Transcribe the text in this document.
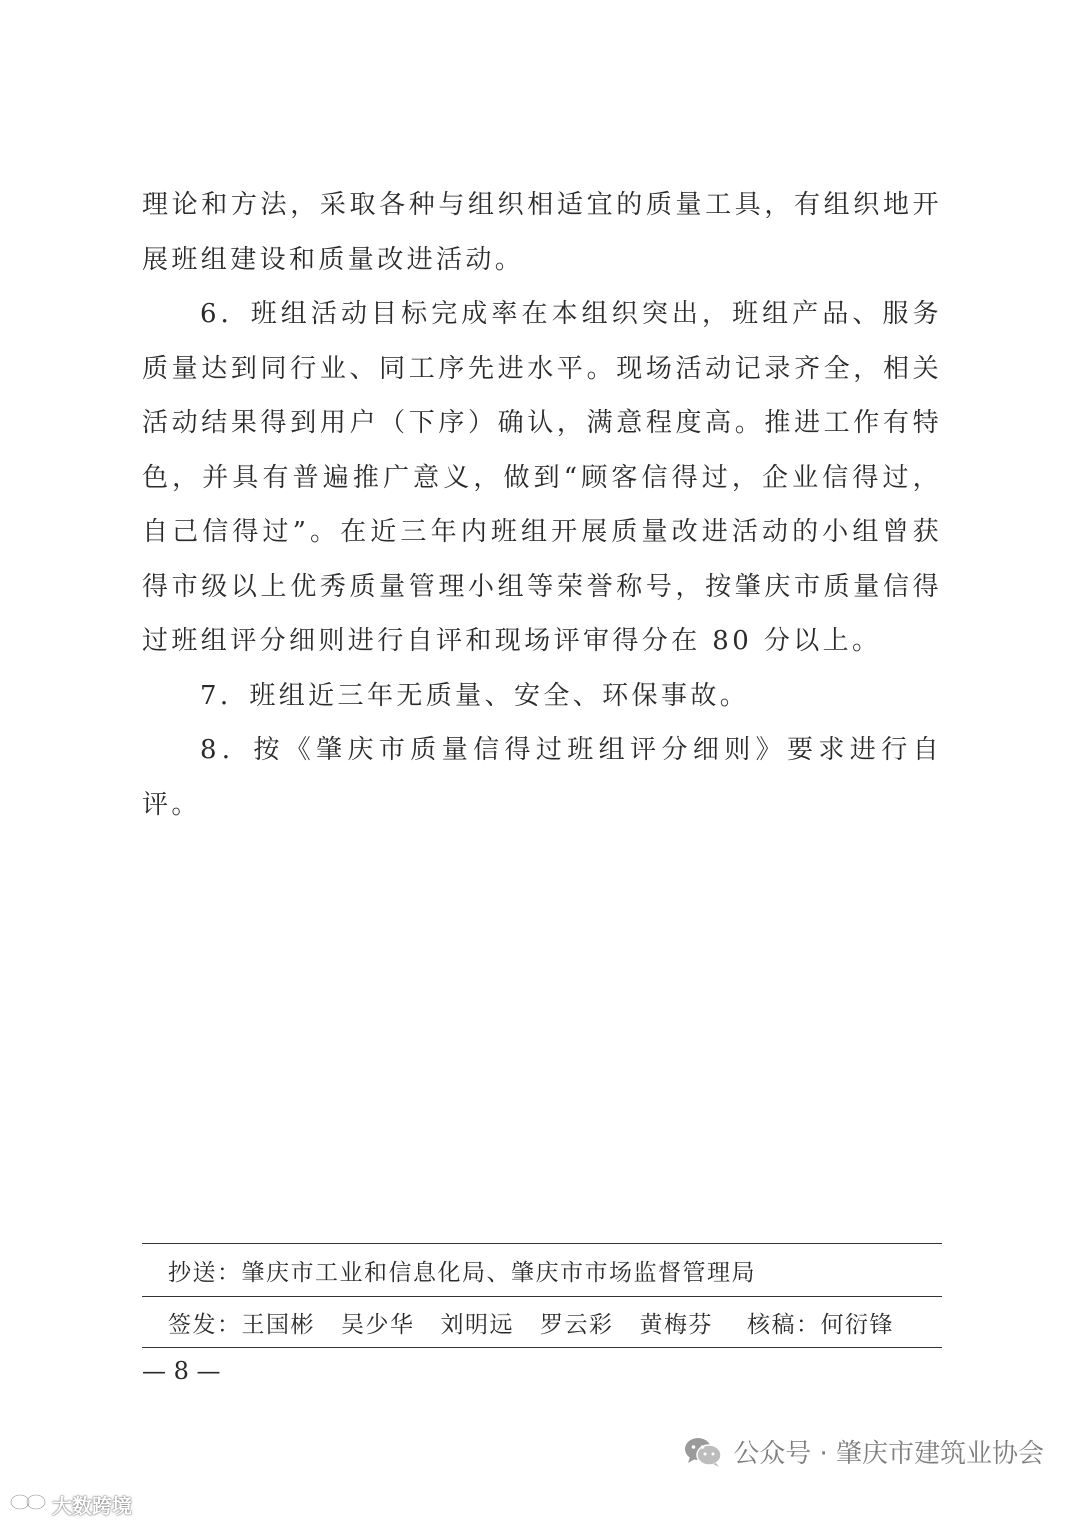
理论和方法，采取各种与组织相适宜的质量工具，有组织地开展班组建设和质量改进活动。

6．班组活动目标完成率在本组织突出，班组产品、服务质量达到同行业、同工序先进水平。现场活动记录齐全，相关活动结果得到用户（下序）确认，满意程度高。推进工作有特色，并具有普遍推广意义，做到“顾客信得过，企业信得过，自己信得过”。在近三年内班组开展质量改进活动的小组曾获得市级以上优秀质量管理小组等荣誉称号，按肇庆市质量信得过班组评分细则进行自评和现场评审得分在 80 分以上。

7．班组近三年无质量、安全、环保事故。

8．按《肇庆市质量信得过班组评分细则》要求进行自评。

抄送：肇庆市工业和信息化局、肇庆市市场监督管理局
签发： 王国彬 吴少华 刘明远 罗云彩 黄梅芬 核稿： 何衍锋
— 8 —
公众号 · 肇庆市建筑业协会
大数跨境
